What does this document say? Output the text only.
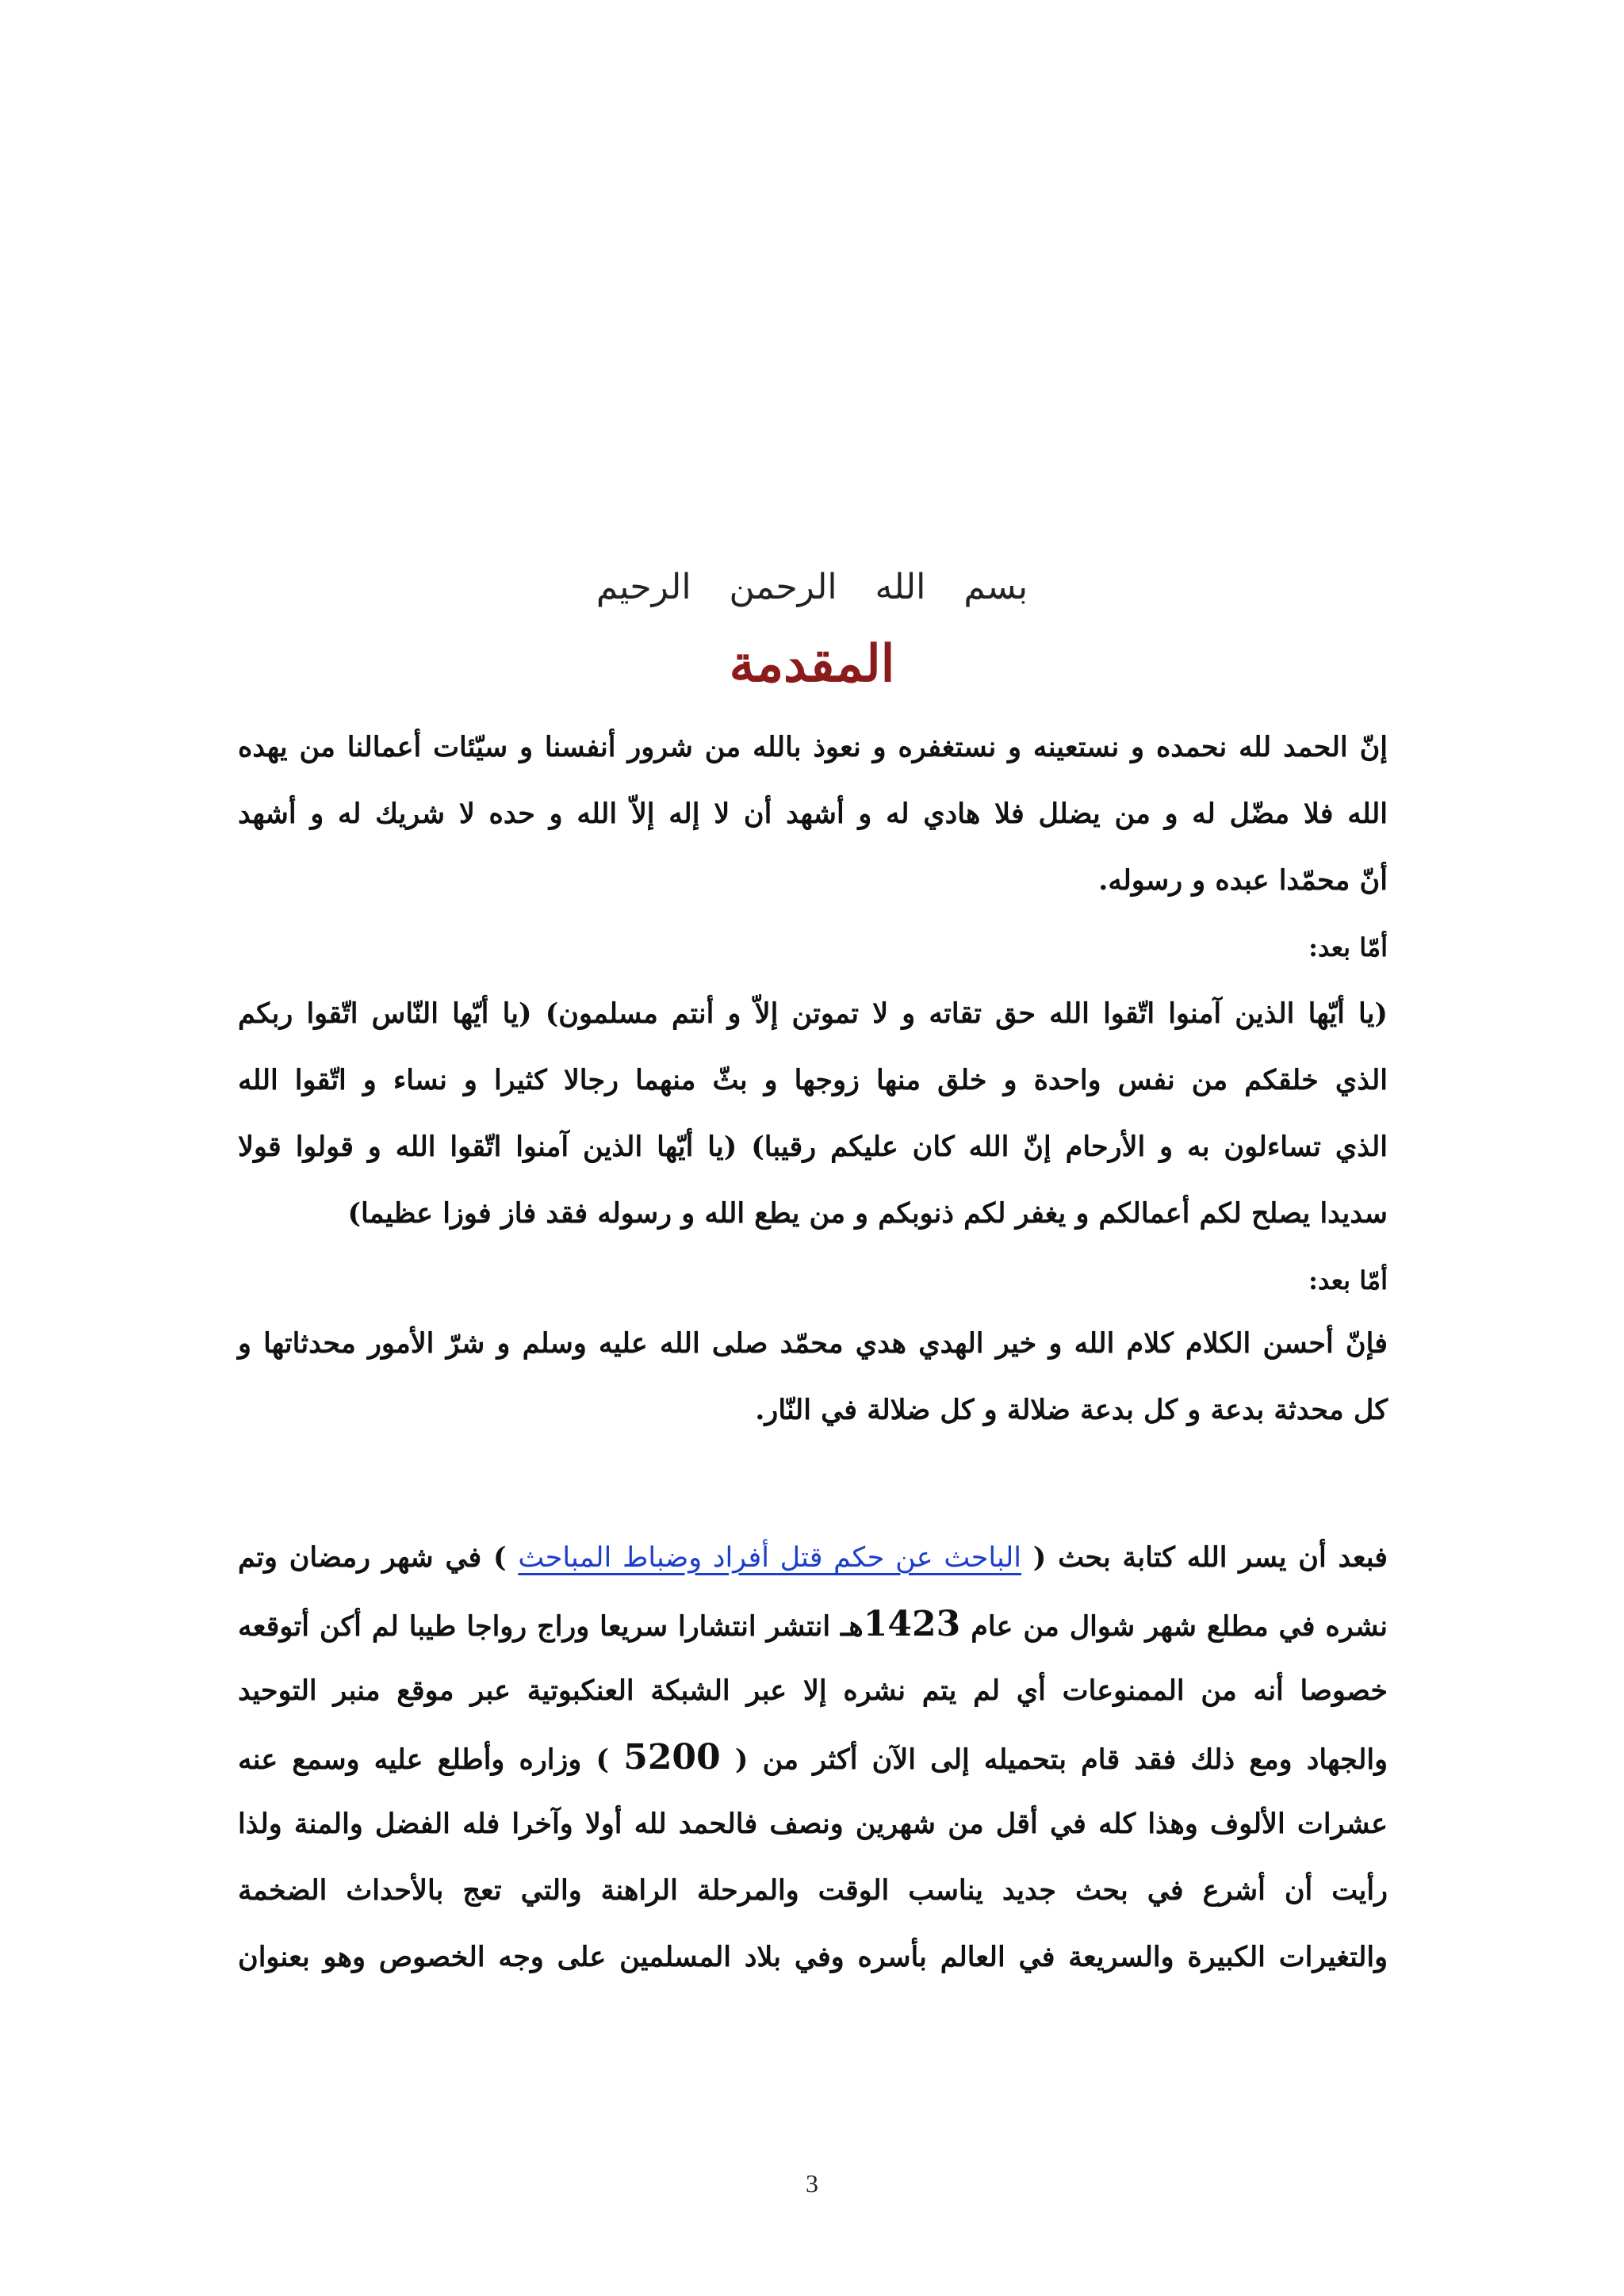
بسم الله الرحمن الرحيم
المقدمة
إنّ الحمد لله نحمده و نستعينه و نستغفره و نعوذ بالله من شرور أنفسنا و سيّئات أعمالنا من يهده
الله فلا مضّل له و من يضلل فلا هادي له و أشهد أن لا إله إلاّ الله و حده لا شريك له و أشهد
أنّ محمّدا عبده و رسوله.
أمّا بعد:
(يا أيّها الذين آمنوا اتّقوا الله حق تقاته و لا تموتن إلاّ و أنتم مسلمون) (يا أيّها النّاس اتّقوا ربكم
الذي خلقكم من نفس واحدة و خلق منها زوجها و بثّ منهما رجالا كثيرا و نساء و اتّقوا الله
الذي تساءلون به و الأرحام إنّ الله كان عليكم رقيبا) (يا أيّها الذين آمنوا اتّقوا الله و قولوا قولا
سديدا يصلح لكم أعمالكم و يغفر لكم ذنوبكم و من يطع الله و رسوله فقد فاز فوزا عظيما)
أمّا بعد:
فإنّ أحسن الكلام كلام الله و خير الهدي هدي محمّد صلى الله عليه وسلم و شرّ الأمور محدثاتها و
كل محدثة بدعة و كل بدعة ضلالة و كل ضلالة في النّار.
فبعد أن يسر الله كتابة بحث ( الباحث عن حكم قتل أفراد وضباط المباحث ) في شهر رمضان وتم
نشره في مطلع شهر شوال من عام 1423هـ انتشر انتشارا سريعا وراج رواجا طيبا لم أكن أتوقعه
خصوصا أنه من الممنوعات أي لم يتم نشره إلا عبر الشبكة العنكبوتية عبر موقع منبر التوحيد
والجهاد ومع ذلك فقد قام بتحميله إلى الآن أكثر من ( 5200 ) وزاره وأطلع عليه وسمع عنه
عشرات الألوف وهذا كله في أقل من شهرين ونصف فالحمد لله أولا وآخرا فله الفضل والمنة ولذا
رأيت أن أشرع في بحث جديد يناسب الوقت والمرحلة الراهنة والتي تعج بالأحداث الضخمة
والتغيرات الكبيرة والسريعة في العالم بأسره وفي بلاد المسلمين على وجه الخصوص وهو بعنوان
3
